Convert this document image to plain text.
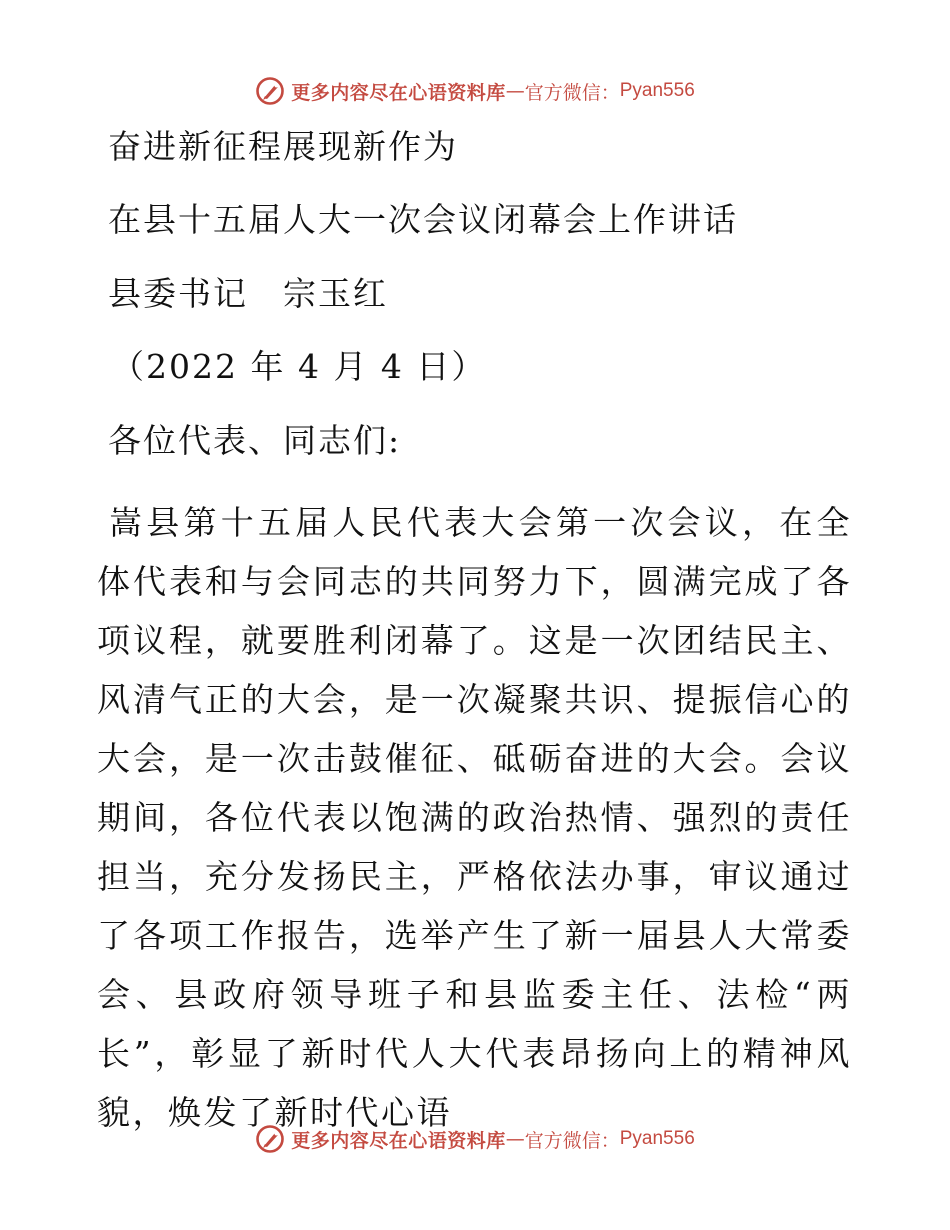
更多内容尽在心语资料库 — 官方微信： Pyan556
奋进新征程展现新作为
在县十五届人大一次会议闭幕会上作讲话
县委书记　宗玉红
（2022 年 4 月 4 日）
各位代表、同志们:

嵩县第十五届人民代表大会第一次会议，在全体代表和与会同志的共同努力下，圆满完成了各项议程，就要胜利闭幕了。这是一次团结民主、风清气正的大会，是一次凝聚共识、提振信心的大会，是一次击鼓催征、砥砺奋进的大会。会议期间，各位代表以饱满的政治热情、强烈的责任担当，充分发扬民主，严格依法办事，审议通过了各项工作报告，选举产生了新一届县人大常委会、县政府领导班子和县监委主任、法检“两长”，彰显了新时代人大代表昂扬向上的精神风貌，焕发了新时代心语

更多内容尽在心语资料库 — 官方微信： Pyan556
